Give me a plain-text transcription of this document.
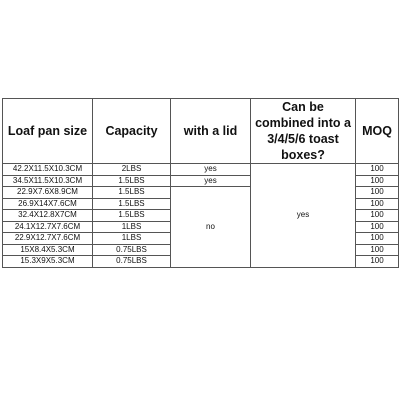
Loaf pan size	Capacity	with a lid	Can be combined into a 3/4/5/6 toast boxes?	MOQ
42.2X11.5X10.3CM	2LBS	yes	yes	100
34.5X11.5X10.3CM	1.5LBS	yes		100
22.9X7.6X8.9CM	1.5LBS	no		100
26.9X14X7.6CM	1.5LBS			100
32.4X12.8X7CM	1.5LBS			100
24.1X12.7X7.6CM	1LBS			100
22.9X12.7X7.6CM	1LBS			100
15X8.4X5.3CM	0.75LBS			100
15.3X9X5.3CM	0.75LBS			100
